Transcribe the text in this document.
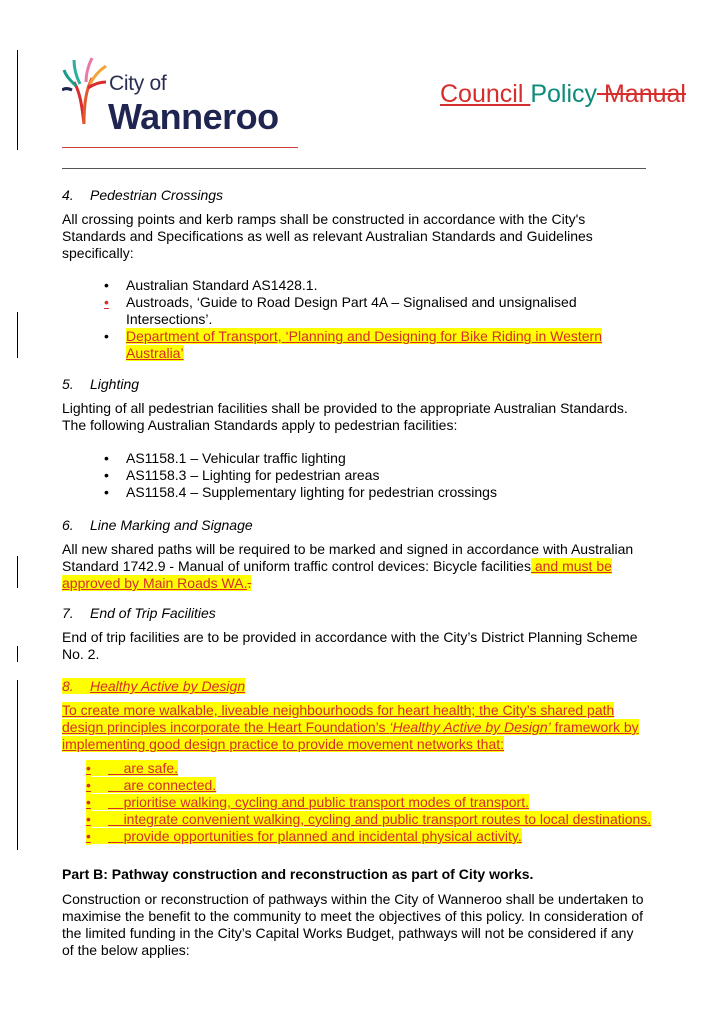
City of
Wanneroo
Council Policy Manual
4. Pedestrian Crossings
All crossing points and kerb ramps shall be constructed in accordance with the City's
Standards and Specifications as well as relevant Australian Standards and Guidelines
specifically:
• Australian Standard AS1428.1.
• Austroads, ‘Guide to Road Design Part 4A – Signalised and unsignalised
Intersections’.
• Department of Transport, ‘Planning and Designing for Bike Riding in Western
Australia’
5. Lighting
Lighting of all pedestrian facilities shall be provided to the appropriate Australian Standards.
The following Australian Standards apply to pedestrian facilities:
• AS1158.1 – Vehicular traffic lighting
• AS1158.3 – Lighting for pedestrian areas
• AS1158.4 – Supplementary lighting for pedestrian crossings
6. Line Marking and Signage
All new shared paths will be required to be marked and signed in accordance with Australian
Standard 1742.9 - Manual of uniform traffic control devices: Bicycle facilities and must be
approved by Main Roads WA..
7. End of Trip Facilities
End of trip facilities are to be provided in accordance with the City’s District Planning Scheme
No. 2.
8. Healthy Active by Design
To create more walkable, liveable neighbourhoods for heart health; the City’s shared path
design principles incorporate the Heart Foundation’s ‘Healthy Active by Design’ framework by
implementing good design practice to provide movement networks that:
• are safe.
• are connected.
• prioritise walking, cycling and public transport modes of transport.
• integrate convenient walking, cycling and public transport routes to local destinations.
• provide opportunities for planned and incidental physical activity.
Part B: Pathway construction and reconstruction as part of City works.
Construction or reconstruction of pathways within the City of Wanneroo shall be undertaken to
maximise the benefit to the community to meet the objectives of this policy. In consideration of
the limited funding in the City’s Capital Works Budget, pathways will not be considered if any
of the below applies:
